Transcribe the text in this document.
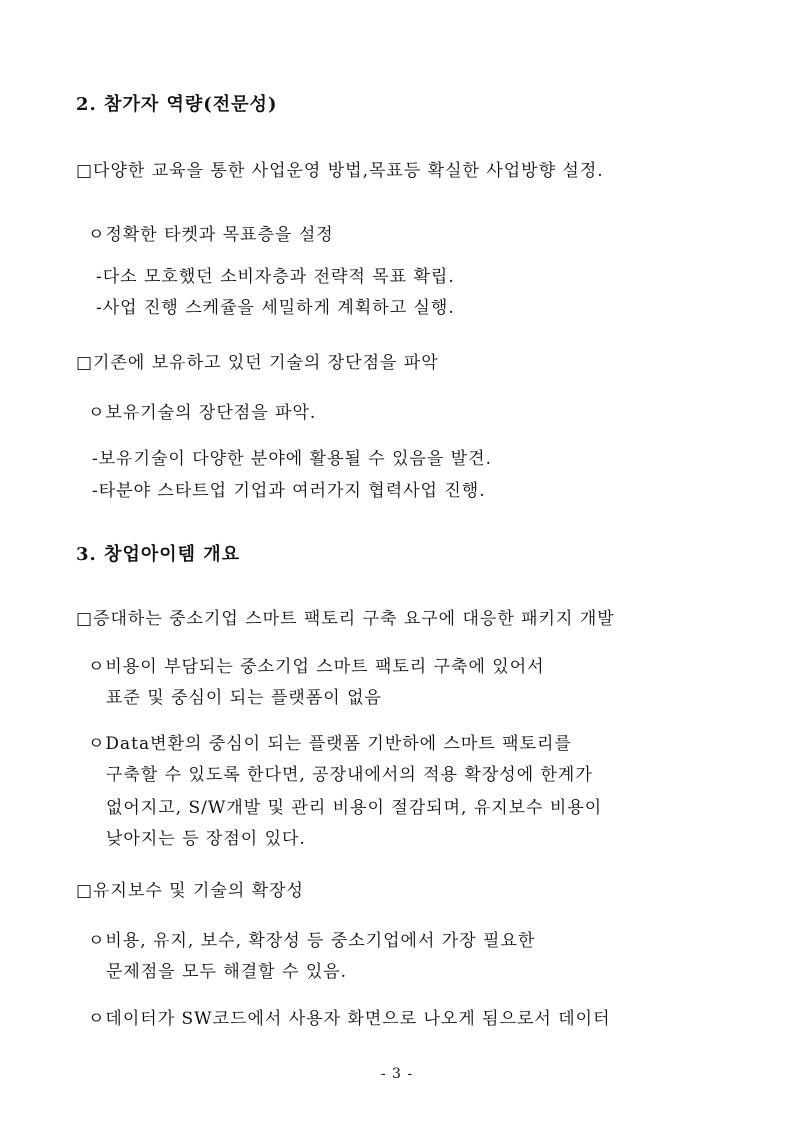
2. 참가자 역량(전문성)
□다양한 교육을 통한 사업운영 방법,목표등 확실한 사업방향 설정.
ㅇ정확한 타켓과 목표층을 설정
-다소 모호했던 소비자층과 전략적 목표 확립.
-사업 진행 스케쥴을 세밀하게 계획하고 실행.
□기존에 보유하고 있던 기술의 장단점을 파악
ㅇ보유기술의 장단점을 파악.
-보유기술이 다양한 분야에 활용될 수 있음을 발견.
-타분야 스타트업 기업과 여러가지 협력사업 진행.
3. 창업아이템 개요
□증대하는 중소기업 스마트 팩토리 구축 요구에 대응한 패키지 개발
ㅇ비용이 부담되는 중소기업 스마트 팩토리 구축에 있어서
표준 및 중심이 되는 플랫폼이 없음
ㅇData변환의 중심이 되는 플랫폼 기반하에 스마트 팩토리를
구축할 수 있도록 한다면, 공장내에서의 적용 확장성에 한계가
없어지고, S/W개발 및 관리 비용이 절감되며, 유지보수 비용이
낮아지는 등 장점이 있다.
□유지보수 및 기술의 확장성
ㅇ비용, 유지, 보수, 확장성 등 중소기업에서 가장 필요한
문제점을 모두 해결할 수 있음.
ㅇ데이터가 SW코드에서 사용자 화면으로 나오게 됨으로서 데이터
- 3 -
